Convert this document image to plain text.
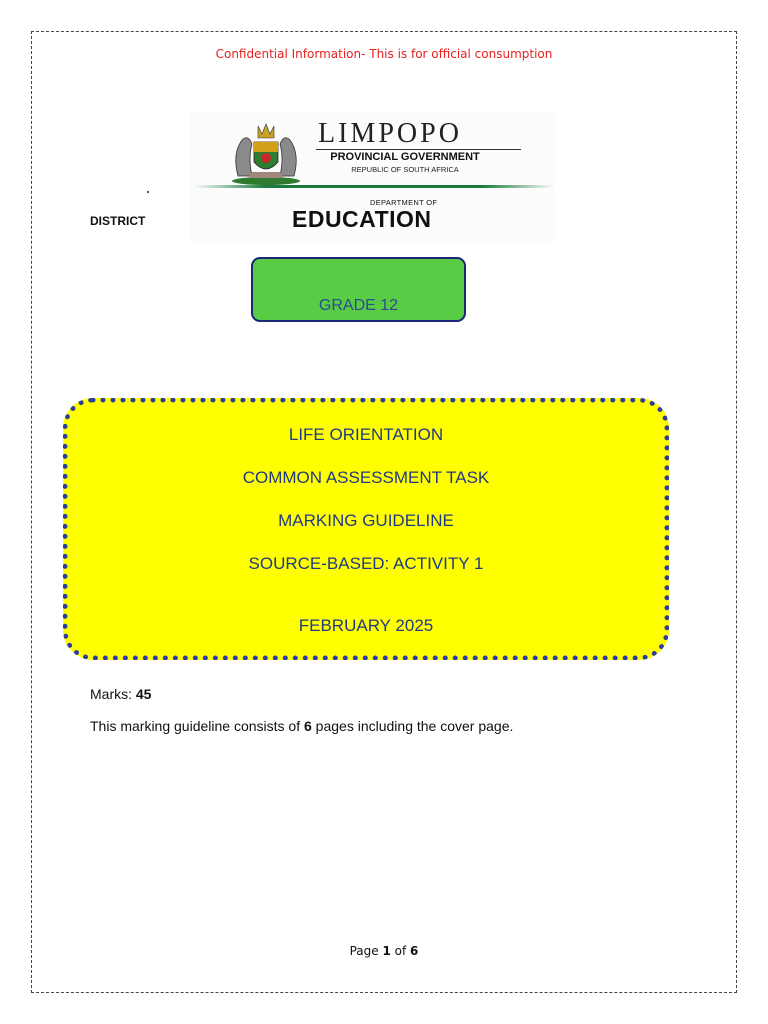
Confidential Information- This is for official consumption
LIMPOPO
PROVINCIAL GOVERNMENT
REPUBLIC OF SOUTH AFRICA
DEPARTMENT OF
EDUCATION
DISTRICT
GRADE 12
LIFE ORIENTATION
COMMON ASSESSMENT TASK
MARKING GUIDELINE
SOURCE-BASED: ACTIVITY 1
FEBRUARY 2025
Marks: 45
This marking guideline consists of 6 pages including the cover page.
Page 1 of 6
